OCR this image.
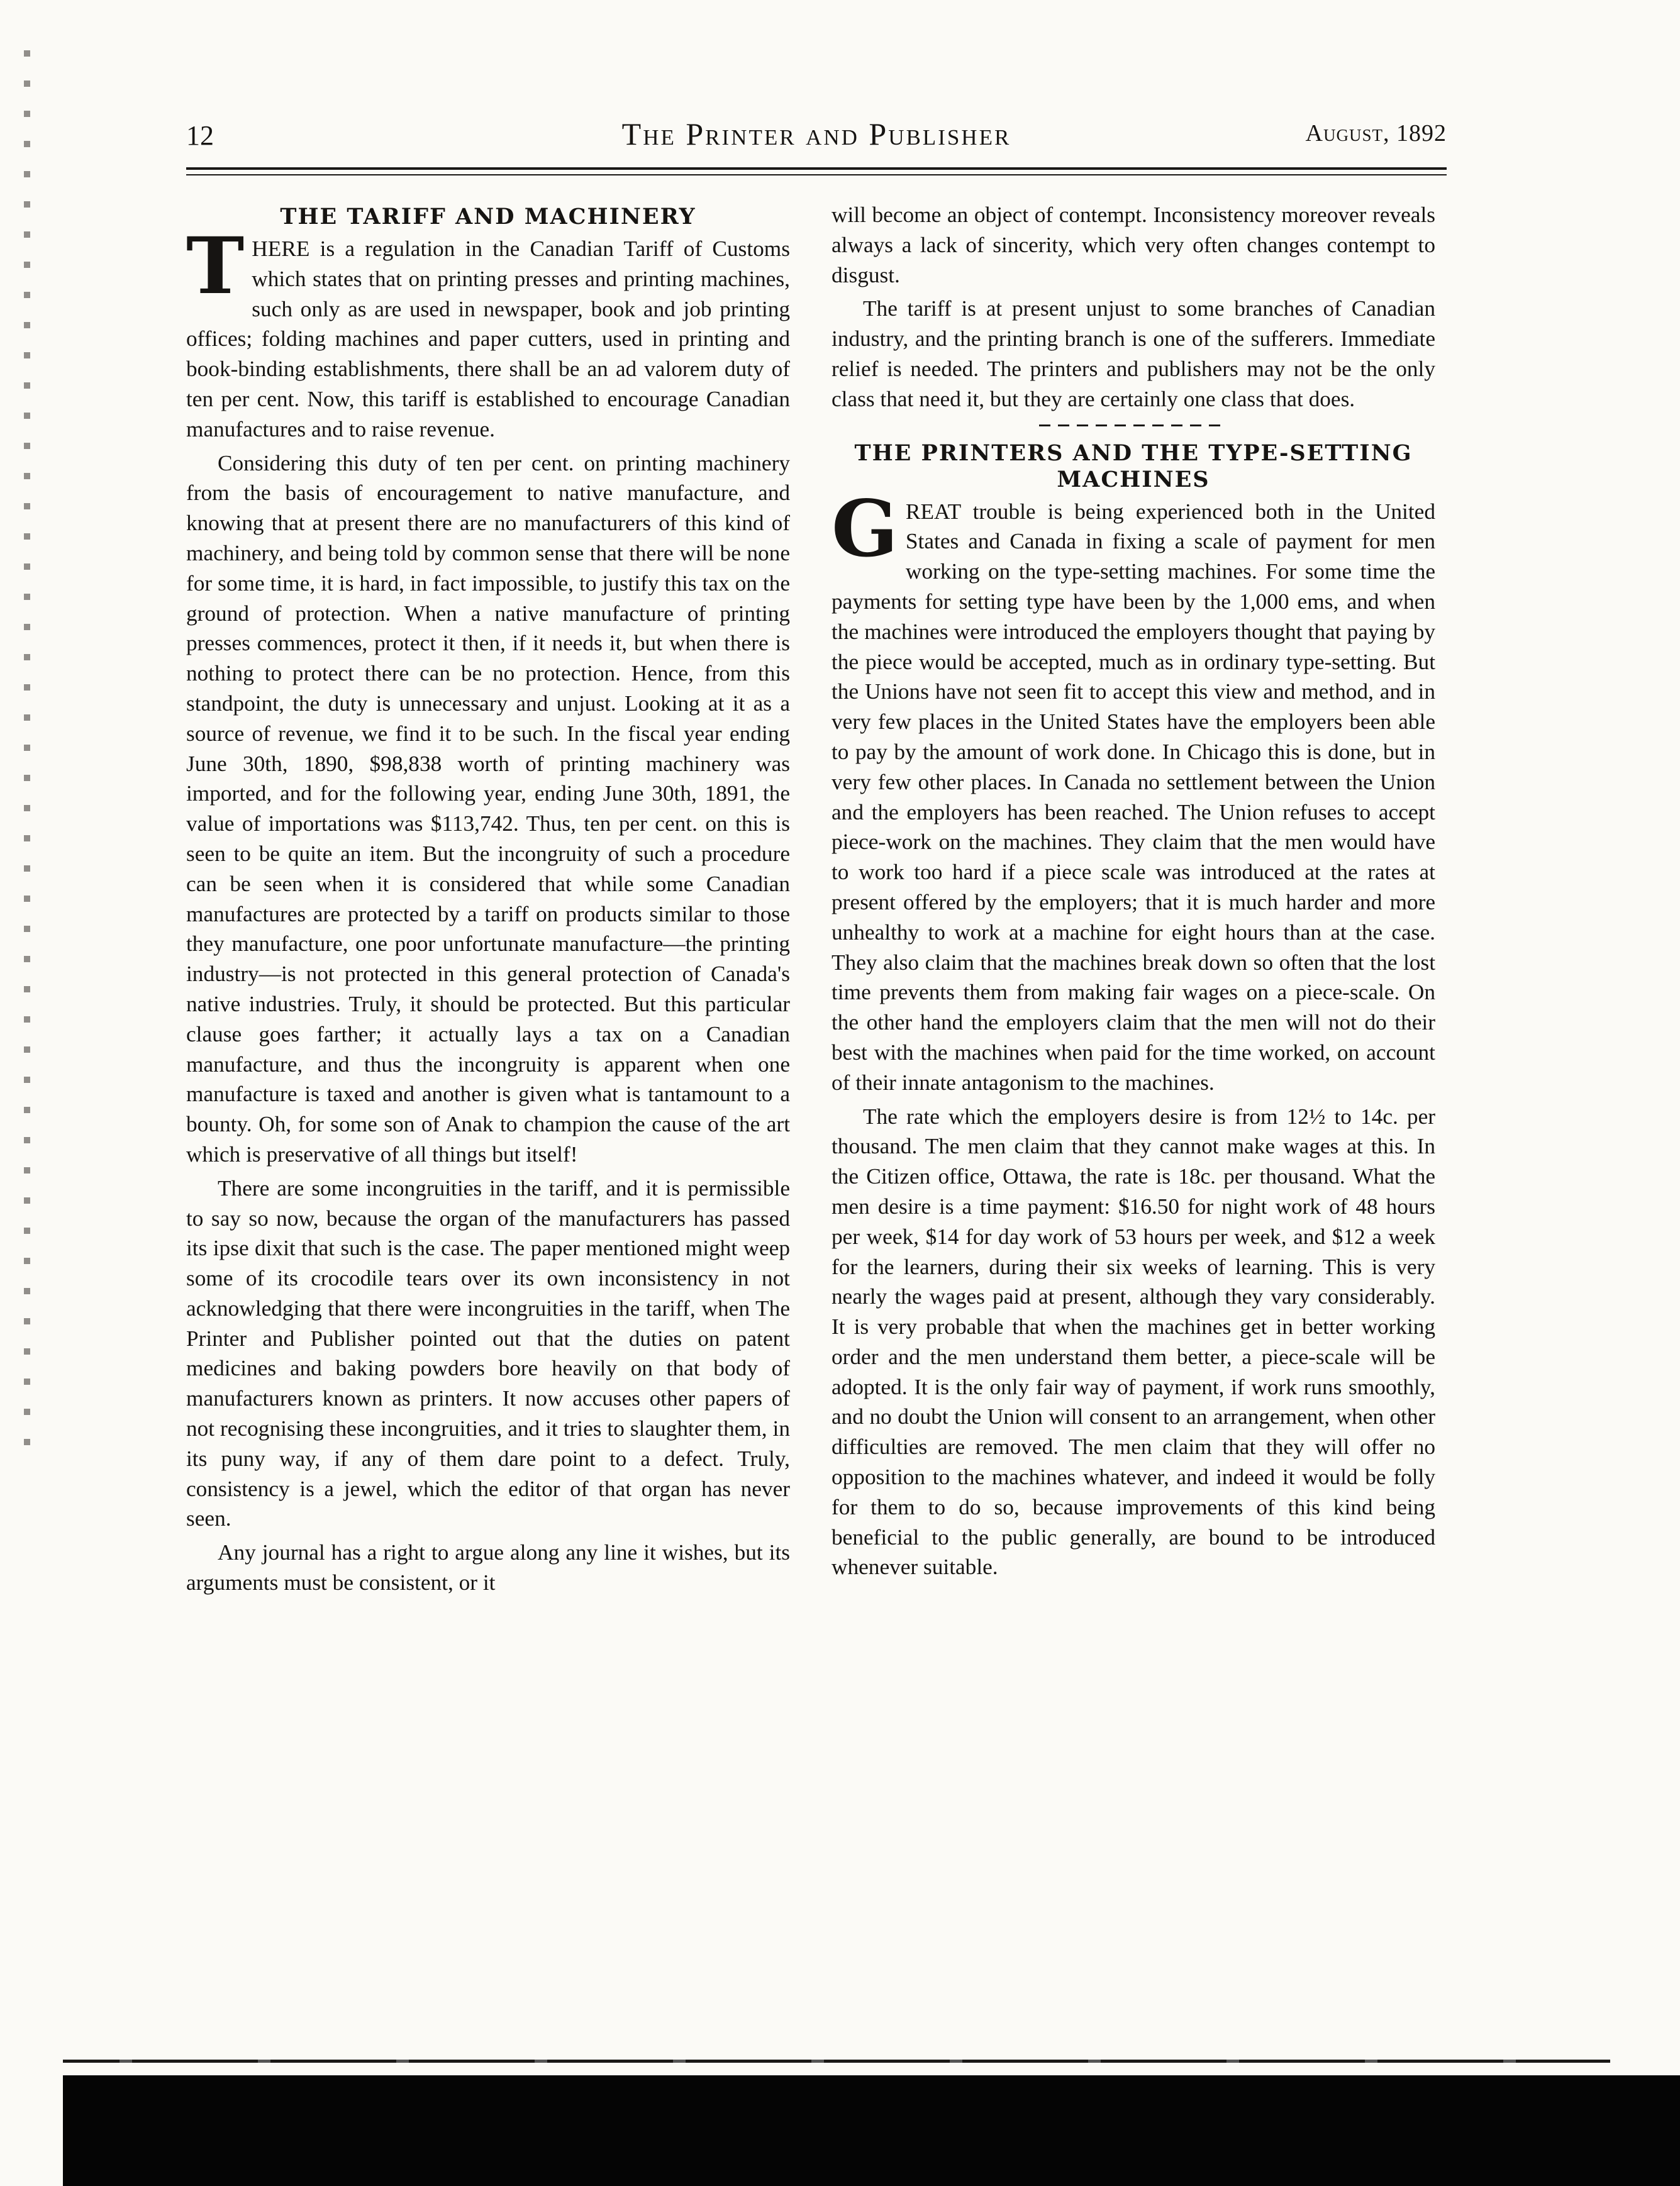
12	The Printer and Publisher	August, 1892
THE TARIFF AND MACHINERY

THERE is a regulation in the Canadian Tariff of Customs which states that on printing presses and printing machines, such only as are used in newspaper, book and job printing offices; folding machines and paper cutters, used in printing and book-binding establishments, there shall be an ad valorem duty of ten per cent. Now, this tariff is established to encourage Canadian manufactures and to raise revenue.

Considering this duty of ten per cent. on printing machinery from the basis of encouragement to native manufacture, and knowing that at present there are no manufacturers of this kind of machinery, and being told by common sense that there will be none for some time, it is hard, in fact impossible, to justify this tax on the ground of protection. When a native manufacture of printing presses commences, protect it then, if it needs it, but when there is nothing to protect there can be no protection. Hence, from this standpoint, the duty is unnecessary and unjust. Looking at it as a source of revenue, we find it to be such. In the fiscal year ending June 30th, 1890, $98,838 worth of printing machinery was imported, and for the following year, ending June 30th, 1891, the value of importations was $113,742. Thus, ten per cent. on this is seen to be quite an item. But the incongruity of such a procedure can be seen when it is considered that while some Canadian manufactures are protected by a tariff on products similar to those they manufacture, one poor unfortunate manufacture—the printing industry—is not protected in this general protection of Canada's native industries. Truly, it should be protected. But this particular clause goes farther; it actually lays a tax on a Canadian manufacture, and thus the incongruity is apparent when one manufacture is taxed and another is given what is tantamount to a bounty. Oh, for some son of Anak to champion the cause of the art which is preservative of all things but itself!

There are some incongruities in the tariff, and it is permissible to say so now, because the organ of the manufacturers has passed its ipse dixit that such is the case. The paper mentioned might weep some of its crocodile tears over its own inconsistency in not acknowledging that there were incongruities in the tariff, when The Printer and Publisher pointed out that the duties on patent medicines and baking powders bore heavily on that body of manufacturers known as printers. It now accuses other papers of not recognising these incongruities, and it tries to slaughter them, in its puny way, if any of them dare point to a defect. Truly, consistency is a jewel, which the editor of that organ has never seen.

Any journal has a right to argue along any line it wishes, but its arguments must be consistent, or it

will become an object of contempt. Inconsistency moreover reveals always a lack of sincerity, which very often changes contempt to disgust.

The tariff is at present unjust to some branches of Canadian industry, and the printing branch is one of the sufferers. Immediate relief is needed. The printers and publishers may not be the only class that need it, but they are certainly one class that does.

THE PRINTERS AND THE TYPE-SETTING MACHINES

GREAT trouble is being experienced both in the United States and Canada in fixing a scale of payment for men working on the type-setting machines. For some time the payments for setting type have been by the 1,000 ems, and when the machines were introduced the employers thought that paying by the piece would be accepted, much as in ordinary type-setting. But the Unions have not seen fit to accept this view and method, and in very few places in the United States have the employers been able to pay by the amount of work done. In Chicago this is done, but in very few other places. In Canada no settlement between the Union and the employers has been reached. The Union refuses to accept piece-work on the machines. They claim that the men would have to work too hard if a piece scale was introduced at the rates at present offered by the employers; that it is much harder and more unhealthy to work at a machine for eight hours than at the case. They also claim that the machines break down so often that the lost time prevents them from making fair wages on a piece-scale. On the other hand the employers claim that the men will not do their best with the machines when paid for the time worked, on account of their innate antagonism to the machines.

The rate which the employers desire is from 12½ to 14c. per thousand. The men claim that they cannot make wages at this. In the Citizen office, Ottawa, the rate is 18c. per thousand. What the men desire is a time payment: $16.50 for night work of 48 hours per week, $14 for day work of 53 hours per week, and $12 a week for the learners, during their six weeks of learning. This is very nearly the wages paid at present, although they vary considerably. It is very probable that when the machines get in better working order and the men understand them better, a piece-scale will be adopted. It is the only fair way of payment, if work runs smoothly, and no doubt the Union will consent to an arrangement, when other difficulties are removed. The men claim that they will offer no opposition to the machines whatever, and indeed it would be folly for them to do so, because improvements of this kind being beneficial to the public generally, are bound to be introduced whenever suitable.
